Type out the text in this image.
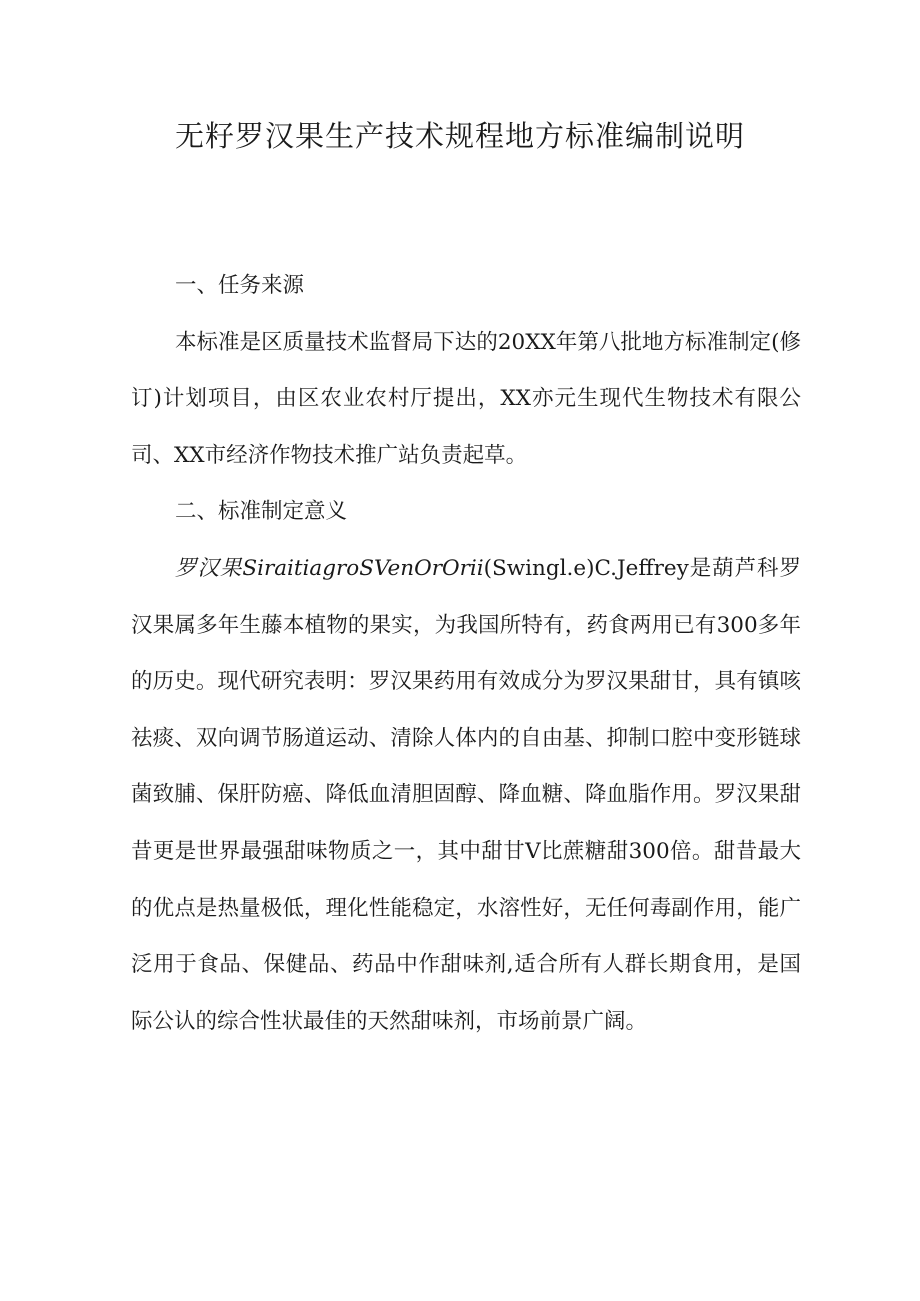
无籽罗汉果生产技术规程地方标准编制说明

一、任务来源

本标准是区质量技术监督局下达的20XX年第八批地方标准制定(修订)计划项目，由区农业农村厅提出，XX亦元生现代生物技术有限公司、XX市经济作物技术推广站负责起草。

二、标准制定意义

罗汉果SiraitiagroSVenOrOrii(Swingl.e)C.Jeffrey是葫芦科罗汉果属多年生藤本植物的果实，为我国所特有，药食两用已有300多年的历史。现代研究表明：罗汉果药用有效成分为罗汉果甜甘，具有镇咳祛痰、双向调节肠道运动、清除人体内的自由基、抑制口腔中变形链球菌致脯、保肝防癌、降低血清胆固醇、降血糖、降血脂作用。罗汉果甜昔更是世界最强甜味物质之一，其中甜甘V比蔗糖甜300倍。甜昔最大的优点是热量极低，理化性能稳定，水溶性好，无任何毒副作用，能广泛用于食品、保健品、药品中作甜味剂,适合所有人群长期食用，是国际公认的综合性状最佳的天然甜味剂，市场前景广阔。
